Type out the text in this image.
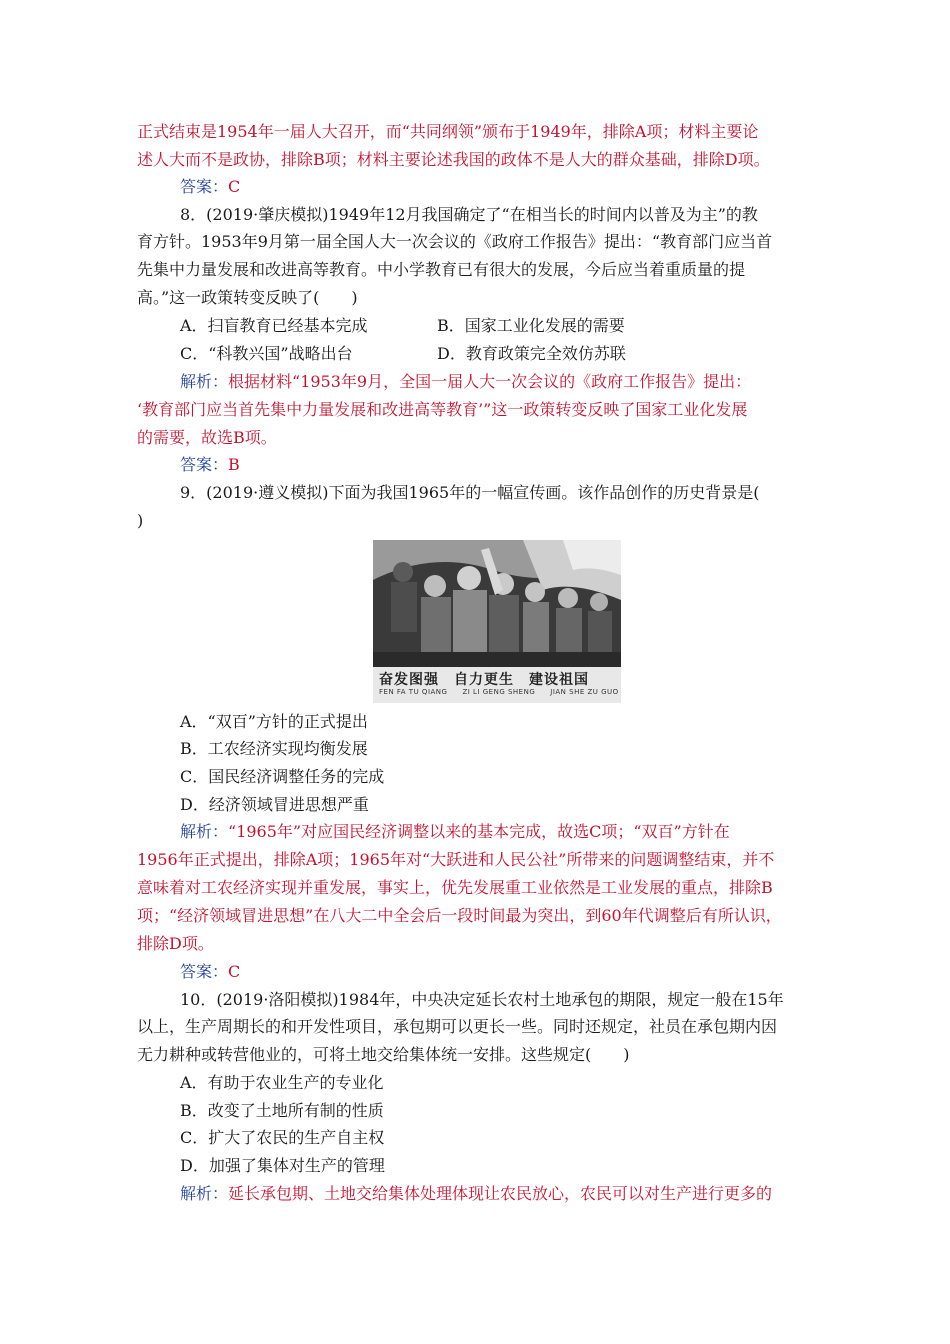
正式结束是1954年一届人大召开，而“共同纲领”颁布于1949年，排除A项；材料主要论
述人大而不是政协，排除B项；材料主要论述我国的政体不是人大的群众基础，排除D项。
答案：C
8．(2019·肇庆模拟)1949年12月我国确定了“在相当长的时间内以普及为主”的教
育方针。1953年9月第一届全国人大一次会议的《政府工作报告》提出：“教育部门应当首
先集中力量发展和改进高等教育。中小学教育已有很大的发展，今后应当着重质量的提
高。”这一政策转变反映了(　　)
A．扫盲教育已经基本完成	B．国家工业化发展的需要
C．“科教兴国”战略出台	D．教育政策完全效仿苏联
解析：根据材料“1953年9月，全国一届人大一次会议的《政府工作报告》提出：
‘教育部门应当首先集中力量发展和改进高等教育’”这一政策转变反映了国家工业化发展
的需要，故选B项。
答案：B
9．(2019·遵义模拟)下面为我国1965年的一幅宣传画。该作品创作的历史背景是(
)
奋发图强　自力更生　建设祖国
FEN FA TU QIANG　　ZI LI GENG SHENG　　JIAN SHE ZU GUO
A．“双百”方针的正式提出
B．工农经济实现均衡发展
C．国民经济调整任务的完成
D．经济领域冒进思想严重
解析：“1965年”对应国民经济调整以来的基本完成，故选C项；“双百”方针在
1956年正式提出，排除A项；1965年对“大跃进和人民公社”所带来的问题调整结束，并不
意味着对工农经济实现并重发展，事实上，优先发展重工业依然是工业发展的重点，排除B
项；“经济领域冒进思想”在八大二中全会后一段时间最为突出，到60年代调整后有所认识，
排除D项。
答案：C
10．(2019·洛阳模拟)1984年，中央决定延长农村土地承包的期限，规定一般在15年
以上，生产周期长的和开发性项目，承包期可以更长一些。同时还规定，社员在承包期内因
无力耕种或转营他业的，可将土地交给集体统一安排。这些规定(　　)
A．有助于农业生产的专业化
B．改变了土地所有制的性质
C．扩大了农民的生产自主权
D．加强了集体对生产的管理
解析：延长承包期、土地交给集体处理体现让农民放心，农民可以对生产进行更多的
